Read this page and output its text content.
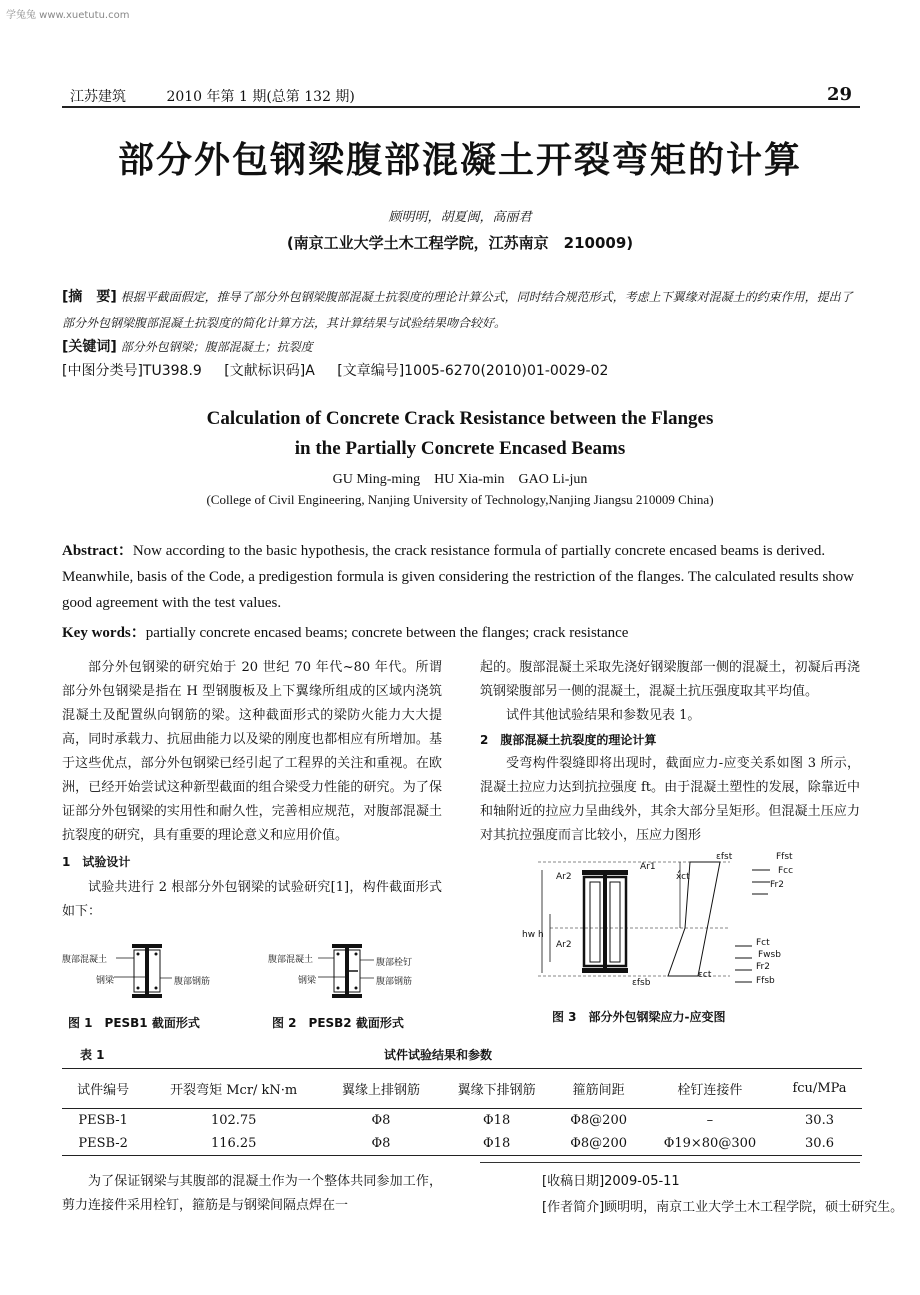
学兔兔 www.xuetutu.com
江苏建筑	2010 年第 1 期(总第 132 期)	29
部分外包钢梁腹部混凝土开裂弯矩的计算
顾明明，胡夏闽，高丽君
(南京工业大学土木工程学院，江苏南京　210009)
[摘　要] 根据平截面假定，推导了部分外包钢梁腹部混凝土抗裂度的理论计算公式，同时结合规范形式，考虑上下翼缘对混凝土的约束作用，提出了部分外包钢梁腹部混凝土抗裂度的简化计算方法，其计算结果与试验结果吻合较好。
[关键词] 部分外包钢梁；腹部混凝土；抗裂度
[中图分类号]TU398.9 [文献标识码]A [文章编号]1005-6270(2010)01-0029-02
Calculation of Concrete Crack Resistance between the Flanges
in the Partially Concrete Encased Beams
GU Ming-ming　HU Xia-min　GAO Li-jun
(College of Civil Engineering, Nanjing University of Technology,Nanjing Jiangsu 210009 China)
Abstract：Now according to the basic hypothesis, the crack resistance formula of partially concrete encased beams is derived. Meanwhile, basis of the Code, a predigestion formula is given considering the restriction of the flanges. The calculated results show good agreement with the test values.
Key words：partially concrete encased beams; concrete between the flanges; crack resistance

部分外包钢梁的研究始于 20 世纪 70 年代~80 年代。所谓部分外包钢梁是指在 H 型钢腹板及上下翼缘所组成的区域内浇筑混凝土及配置纵向钢筋的梁。这种截面形式的梁防火能力大大提高，同时承载力、抗屈曲能力以及梁的刚度也都相应有所增加。基于这些优点，部分外包钢梁已经引起了工程界的关注和重视。在欧洲，已经开始尝试这种新型截面的组合梁受力性能的研究。为了保证部分外包钢梁的实用性和耐久性，完善相应规范，对腹部混凝土抗裂度的研究，具有重要的理论意义和应用价值。

1　试验设计

试验共进行 2 根部分外包钢梁的试验研究[1]，构件截面形式如下：

腹部混凝土
钢梁	腹部钢筋
腹部混凝土
钢梁
腹部栓钉
腹部钢筋
图 1　PESB1 截面形式	图 2　PESB2 截面形式

起的。腹部混凝土采取先浇好钢梁腹部一侧的混凝土，初凝后再浇筑钢梁腹部另一侧的混凝土，混凝土抗压强度取其平均值。

试件其他试验结果和参数见表 1。

2　腹部混凝土抗裂度的理论计算

受弯构件裂缝即将出现时，截面应力-应变关系如图 3 所示，混凝土拉应力达到抗拉强度 ft。由于混凝土塑性的发展，除靠近中和轴附近的拉应力呈曲线外，其余大部分呈矩形。但混凝土压应力对其抗拉强度而言比较小，压应力图形

εfst	Ffst
Fcc
Fr2
Ar2
Ar1
xct
hw h
Ar2	Fct
Fwsb
Fr2
Ffsb
εct
εfsb
图 3　部分外包钢梁应力-应变图
表 1	试件试验结果和参数
试件编号	开裂弯矩 Mcr/ kN·m	翼缘上排钢筋	翼缘下排钢筋	箍筋间距	栓钉连接件	fcu/MPa
PESB-1	102.75	Φ8	Φ18	Φ8@200	–	30.3
PESB-2	116.25	Φ8	Φ18	Φ8@200	Φ19×80@300	30.6

为了保证钢梁与其腹部的混凝土作为一个整体共同参加工作，剪力连接件采用栓钉，箍筋是与钢梁间隔点焊在一

[收稿日期]2009-05-11
[作者简介]顾明明，南京工业大学土木工程学院，硕士研究生。
